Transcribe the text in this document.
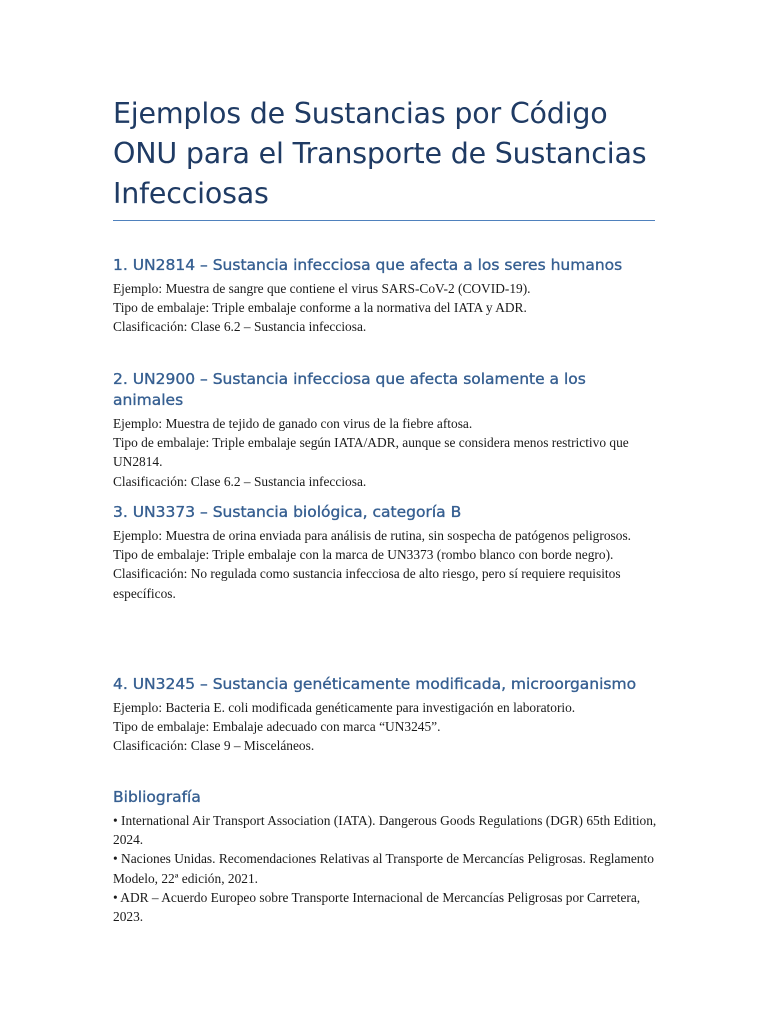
Ejemplos de Sustancias por Código ONU para el Transporte de Sustancias Infecciosas
1. UN2814 – Sustancia infecciosa que afecta a los seres humanos

Ejemplo: Muestra de sangre que contiene el virus SARS-CoV-2 (COVID-19).

Tipo de embalaje: Triple embalaje conforme a la normativa del IATA y ADR.

Clasificación: Clase 6.2 – Sustancia infecciosa.

2. UN2900 – Sustancia infecciosa que afecta solamente a los animales

Ejemplo: Muestra de tejido de ganado con virus de la fiebre aftosa.

Tipo de embalaje: Triple embalaje según IATA/ADR, aunque se considera menos restrictivo que UN2814.

Clasificación: Clase 6.2 – Sustancia infecciosa.

3. UN3373 – Sustancia biológica, categoría B

Ejemplo: Muestra de orina enviada para análisis de rutina, sin sospecha de patógenos peligrosos.

Tipo de embalaje: Triple embalaje con la marca de UN3373 (rombo blanco con borde negro).

Clasificación: No regulada como sustancia infecciosa de alto riesgo, pero sí requiere requisitos específicos.

4. UN3245 – Sustancia genéticamente modificada, microorganismo

Ejemplo: Bacteria E. coli modificada genéticamente para investigación en laboratorio.

Tipo de embalaje: Embalaje adecuado con marca “UN3245”.

Clasificación: Clase 9 – Misceláneos.

Bibliografía

• International Air Transport Association (IATA). Dangerous Goods Regulations (DGR) 65th Edition, 2024.

• Naciones Unidas. Recomendaciones Relativas al Transporte de Mercancías Peligrosas. Reglamento Modelo, 22ª edición, 2021.

• ADR – Acuerdo Europeo sobre Transporte Internacional de Mercancías Peligrosas por Carretera, 2023.
